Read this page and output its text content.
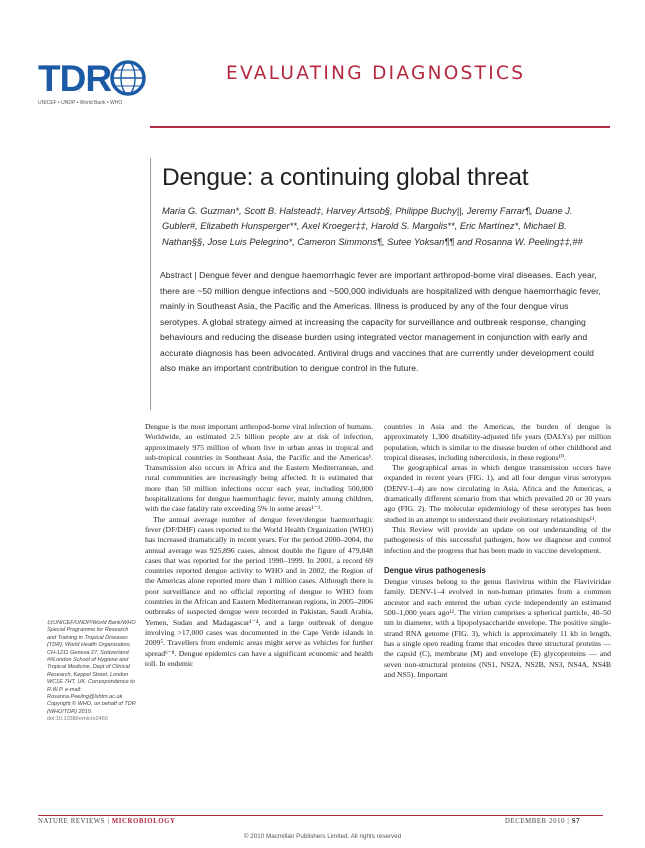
TDR
UNICEF • UNDP • World Bank • WHO
EVALUATING DIAGNOSTICS
Dengue: a continuing global threat
Maria G. Guzman*, Scott B. Halstead‡, Harvey Artsob§, Philippe Buchy||, Jeremy Farrar¶, Duane J. Gubler#, Elizabeth Hunsperger**, Axel Kroeger‡‡, Harold S. Margolis**, Eric Martínez*, Michael B. Nathan§§, Jose Luis Pelegrino*, Cameron Simmons¶, Sutee Yoksan¶¶ and Rosanna W. Peeling‡‡,##
Abstract | Dengue fever and dengue haemorrhagic fever are important arthropod-borne viral diseases. Each year, there are ~50 million dengue infections and ~500,000 individuals are hospitalized with dengue haemorrhagic fever, mainly in Southeast Asia, the Pacific and the Americas. Illness is produced by any of the four dengue virus serotypes. A global strategy aimed at increasing the capacity for surveillance and outbreak response, changing behaviours and reducing the disease burden using integrated vector management in conjunction with early and accurate diagnosis has been advocated. Antiviral drugs and vaccines that are currently under development could also make an important contribution to dengue control in the future.

Dengue is the most important arthropod-borne viral infection of humans. Worldwide, an estimated 2.5 billion people are at risk of infection, approximately 975 million of whom live in urban areas in tropical and sub-tropical countries in Southeast Asia, the Pacific and the Americas¹. Transmission also occurs in Africa and the Eastern Mediterranean, and rural communities are increasingly being affected. It is estimated that more than 50 million infections occur each year, including 500,000 hospitalizations for dengue haemorrhagic fever, mainly among children, with the case fatality rate exceeding 5% in some areas¹⁻³.

The annual average number of dengue fever/dengue haemorrhagic fever (DF/DHF) cases reported to the World Health Organization (WHO) has increased dramatically in recent years. For the period 2000–2004, the annual average was 925,896 cases, almost double the figure of 479,848 cases that was reported for the period 1990–1999. In 2001, a record 69 countries reported dengue activity to WHO and in 2002, the Region of the Americas alone reported more than 1 million cases. Although there is poor surveillance and no official reporting of dengue to WHO from countries in the African and Eastern Mediterranean regions, in 2005–2006 outbreaks of suspected dengue were recorded in Pakistan, Saudi Arabia, Yemen, Sudan and Madagascar¹⁻⁴, and a large outbreak of dengue involving >17,000 cases was documented in the Cape Verde islands in 2009⁵. Travellers from endemic areas might serve as vehicles for further spread⁶⁻⁸. Dengue epidemics can have a significant economic and health toll. In endemic

countries in Asia and the Americas, the burden of dengue is approximately 1,300 disability-adjusted life years (DALYs) per million population, which is similar to the disease burden of other childhood and tropical diseases, including tuberculosis, in these regions¹⁰.

The geographical areas in which dengue transmission occurs have expanded in recent years (FIG. 1), and all four dengue virus serotypes (DENV-1–4) are now circulating in Asia, Africa and the Americas, a dramatically different scenario from that which prevailed 20 or 30 years ago (FIG. 2). The molecular epidemiology of these serotypes has been studied in an attempt to understand their evolutionary relationships¹¹.

This Review will provide an update on our understanding of the pathogenesis of this successful pathogen, how we diagnose and control infection and the progress that has been made in vaccine development.

Dengue virus pathogenesis

Dengue viruses belong to the genus flavivirus within the Flaviviridae family. DENV-1–4 evolved in non-human primates from a common ancestor and each entered the urban cycle independently an estimated 500–1,000 years ago¹². The virion comprises a spherical particle, 40–50 nm in diameter, with a lipopolysaccharide envelope. The positive single-strand RNA genome (FIG. 3), which is approximately 11 kb in length, has a single open reading frame that encodes three structural proteins — the capsid (C), membrane (M) and envelope (E) glycoproteins — and seven non-structural proteins (NS1, NS2A, NS2B, NS3, NS4A, NS4B and NS5). Important

‡‡UNICEF/UNDP/World Bank/WHO Special Programme for Research and Training in Tropical Diseases (TDR), World Health Organization, CH-1211 Geneva 27, Switzerland. ##London School of Hygiene and Tropical Medicine, Dept of Clinical Research, Keppel Street, London WC1E 7HT, UK. Correspondence to R.W.P. e-mail: Rosanna.Peeling@lshtm.ac.uk Copyright © WHO, on behalf of TDR (WHO/TDR) 2010.
doi:10.1038/nrmicro2460
NATURE REVIEWS | MICROBIOLOGY	DECEMBER 2010 | S7
© 2010 Macmillan Publishers Limited. All rights reserved
